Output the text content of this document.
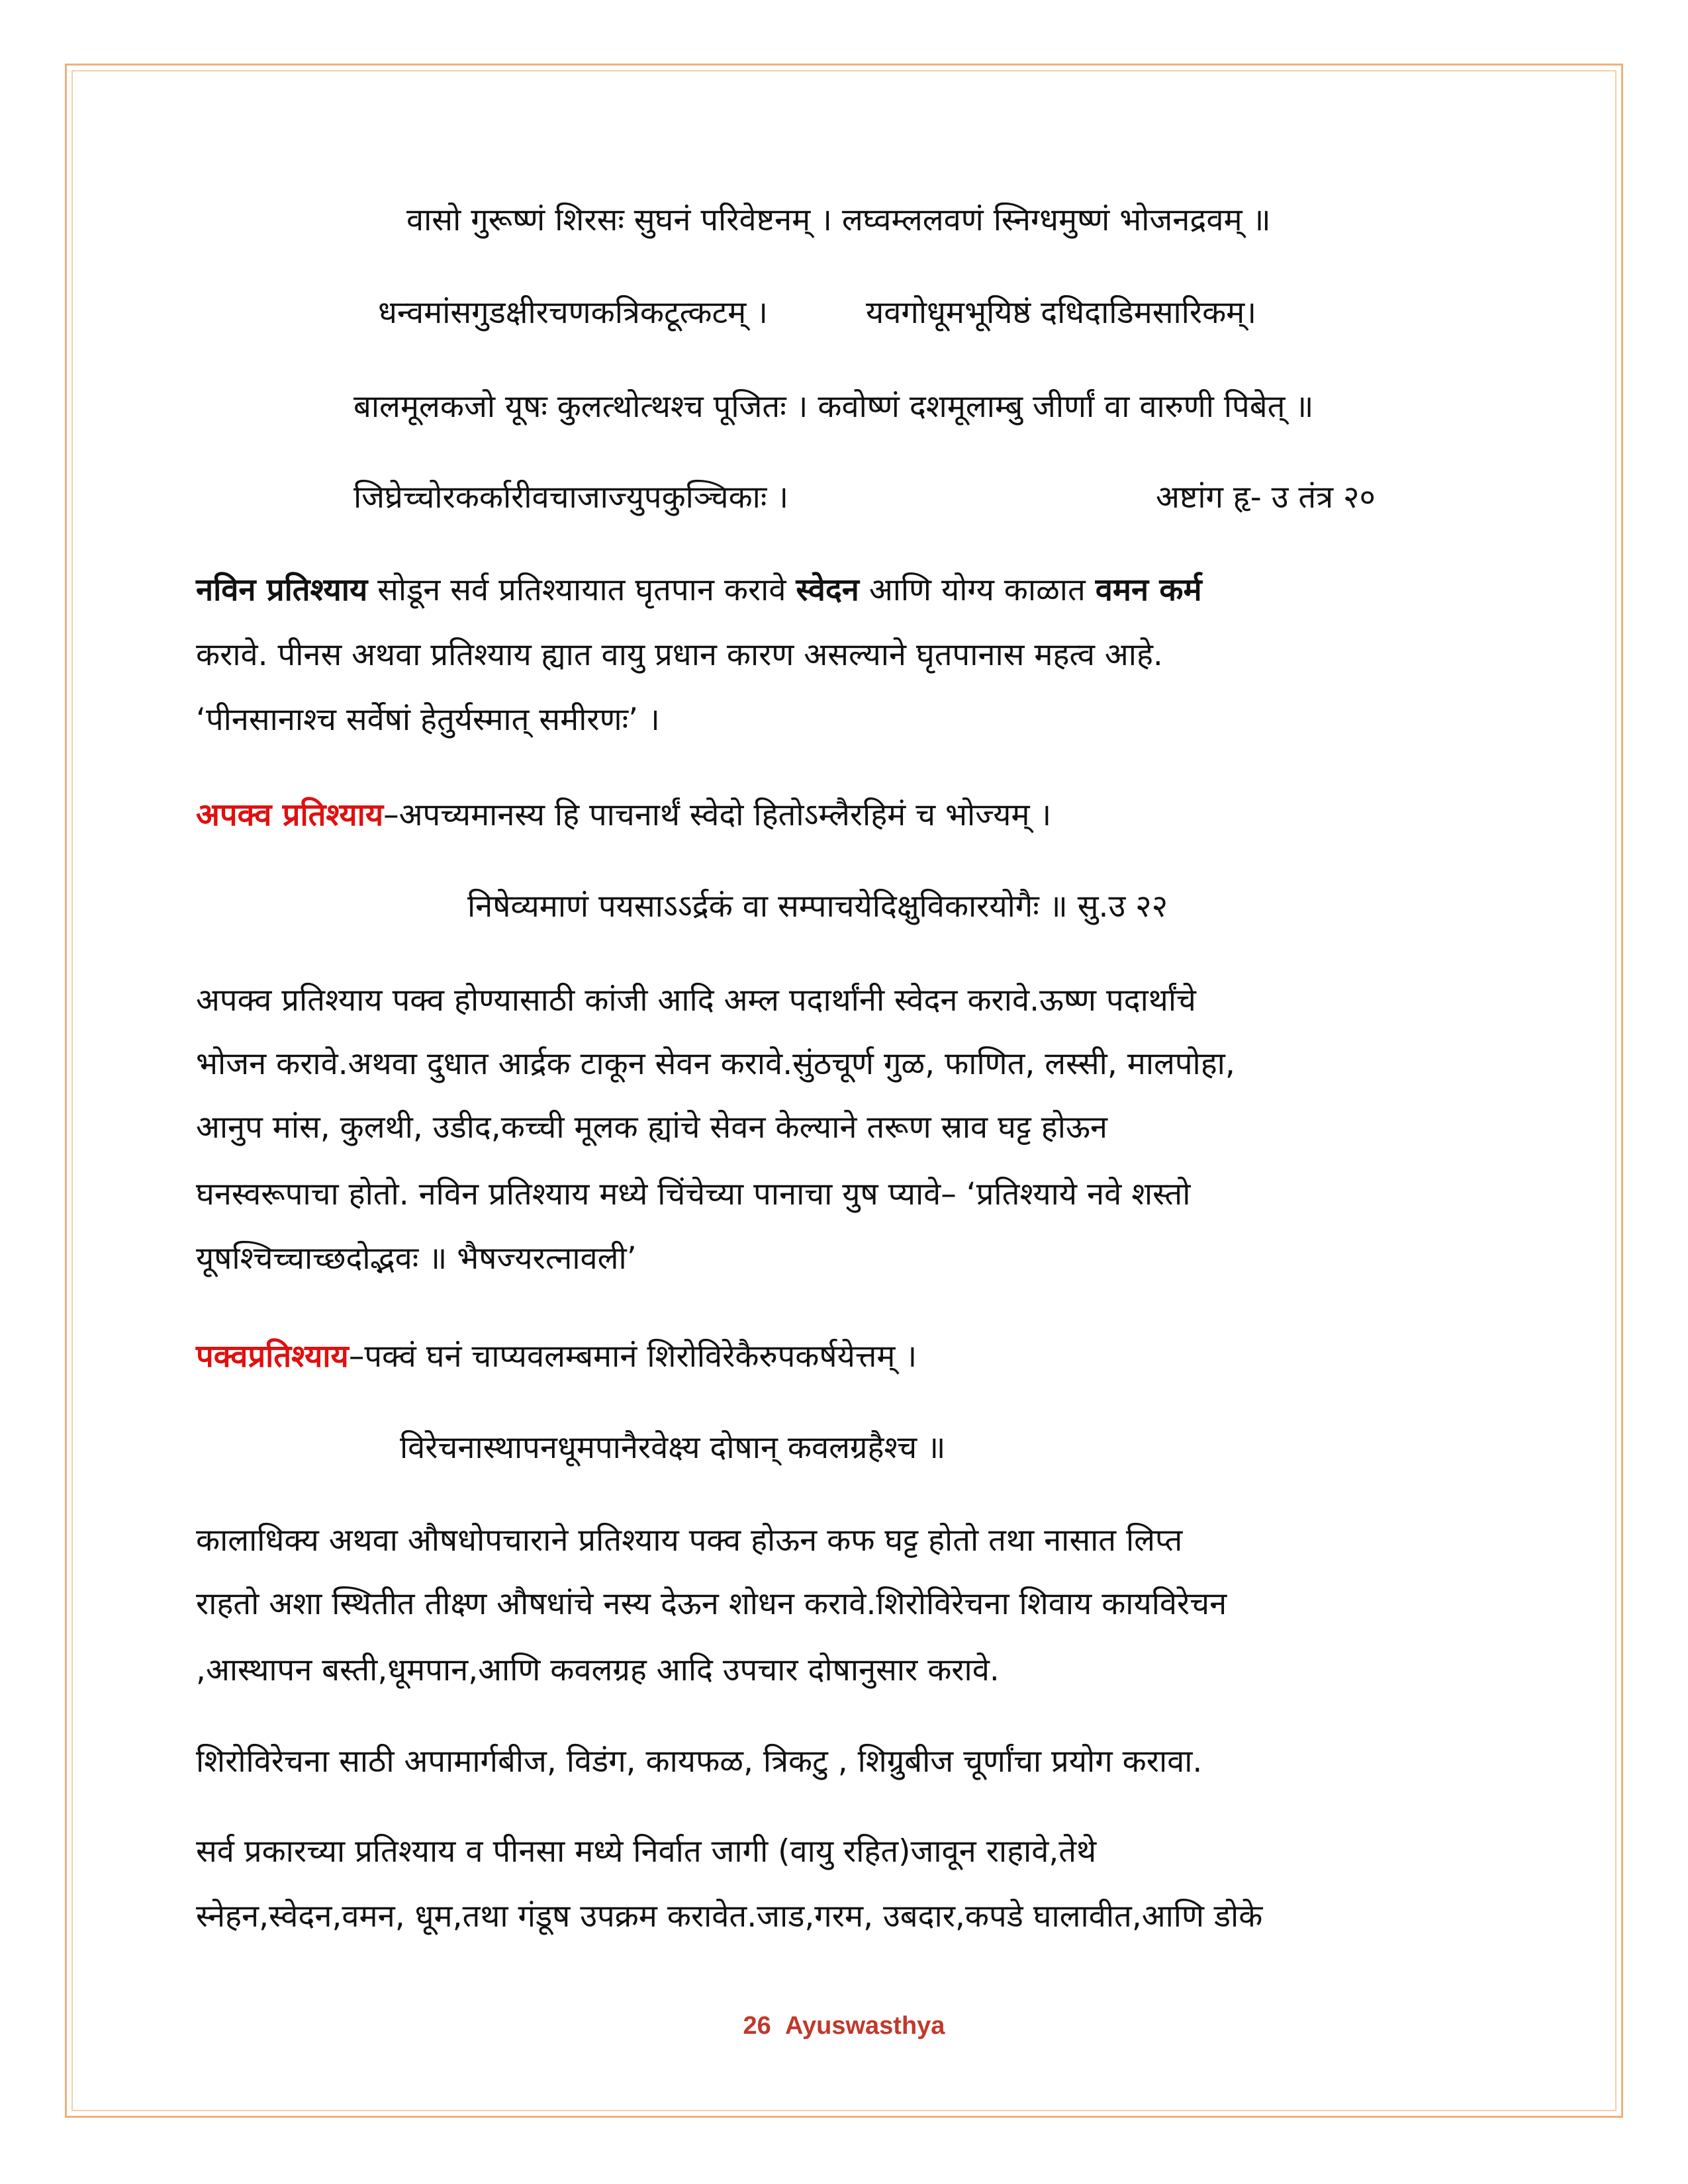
वासो गुरूष्णं शिरसः सुघनं परिवेष्टनम् । लघ्वम्ललवणं स्निग्धमुष्णं भोजनद्रवम् ॥
धन्वमांसगुडक्षीरचणकत्रिकटूत्कटम् ।	यवगोधूमभूयिष्ठं दधिदाडिमसारिकम्।
बालमूलकजो यूषः कुलत्थोत्थश्च पूजितः । कवोष्णं दशमूलाम्बु जीर्णां वा वारुणी पिबेत् ॥
जिघ्रेच्चोरकर्कारीवचाजाज्युपकुञ्चिकाः ।	अष्टांग हृ- उ तंत्र २०
नविन प्रतिश्याय सोडून सर्व प्रतिश्यायात घृतपान करावे स्वेदन आणि योग्य काळात वमन कर्म
करावे. पीनस अथवा प्रतिश्याय ह्यात वायु प्रधान कारण असल्याने घृतपानास महत्व आहे.
‘पीनसानाश्च सर्वेषां हेतुर्यस्मात् समीरणः’ ।
अपक्व प्रतिश्याय–अपच्यमानस्य हि पाचनार्थं स्वेदो हितोऽम्लैरहिमं च भोज्यम् ।
निषेव्यमाणं पयसाऽऽर्द्रकं वा सम्पाचयेदिक्षुविकारयोगैः ॥ सु.उ २२
अपक्व प्रतिश्याय पक्व होण्यासाठी कांजी आदि अम्ल पदार्थांनी स्वेदन करावे.ऊष्ण पदार्थांचे
भोजन करावे.अथवा दुधात आर्द्रक टाकून सेवन करावे.सुंठचूर्ण गुळ, फाणित, लस्सी, मालपोहा,
आनुप मांस, कुलथी, उडीद,कच्ची मूलक ह्यांचे सेवन केल्याने तरूण स्राव घट्ट होऊन
घनस्वरूपाचा होतो. नविन प्रतिश्याय मध्ये चिंचेच्या पानाचा युष प्यावे– ‘प्रतिश्याये नवे शस्तो
यूषश्चिच्चाच्छदोद्भवः ॥ भैषज्यरत्नावली’
पक्वप्रतिश्याय–पक्वं घनं चाप्यवलम्बमानं शिरोविरेकैरुपकर्षयेत्तम् ।
विरेचनास्थापनधूमपानैरवेक्ष्य दोषान् कवलग्रहैश्च ॥
कालाधिक्य अथवा औषधोपचाराने प्रतिश्याय पक्व होऊन कफ घट्ट होतो तथा नासात लिप्त
राहतो अशा स्थितीत तीक्ष्ण औषधांचे नस्य देऊन शोधन करावे.शिरोविरेचना शिवाय कायविरेचन
,आस्थापन बस्ती,धूमपान,आणि कवलग्रह आदि उपचार दोषानुसार करावे.
शिरोविरेचना साठी अपामार्गबीज, विडंग, कायफळ, त्रिकटु , शिग्रुबीज चूर्णांचा प्रयोग करावा.
सर्व प्रकारच्या प्रतिश्याय व पीनसा मध्ये निर्वात जागी (वायु रहित)जावून राहावे,तेथे
स्नेहन,स्वेदन,वमन, धूम,तथा गंडूष उपक्रम करावेत.जाड,गरम, उबदार,कपडे घालावीत,आणि डोके
26 Ayuswasthya
